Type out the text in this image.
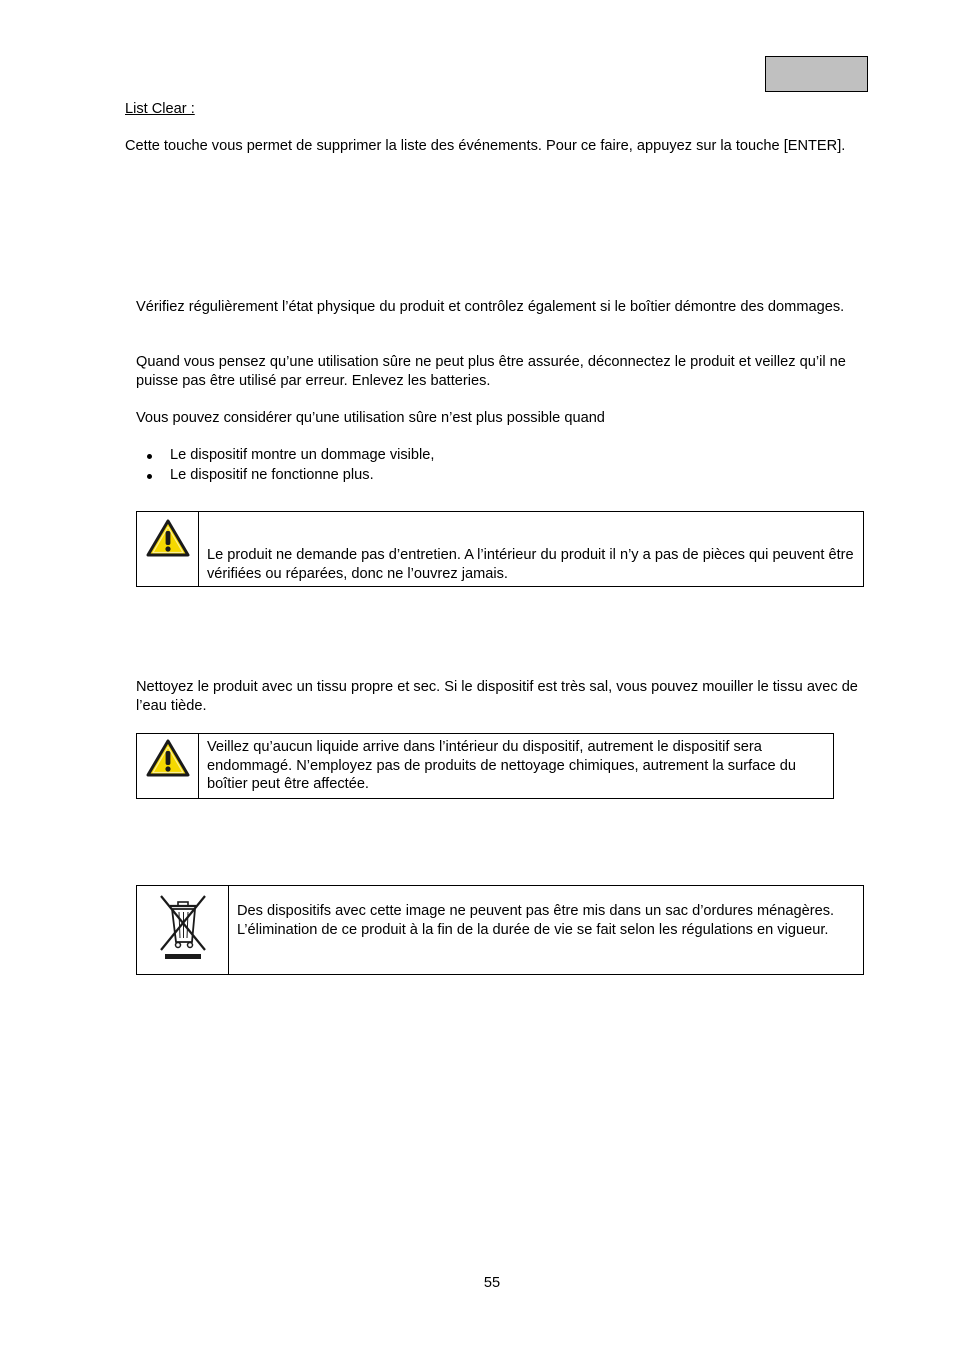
List Clear :
Cette touche vous permet de supprimer la liste des événements. Pour ce faire, appuyez sur la touche [ENTER].
Vérifiez régulièrement l’état physique du produit et contrôlez également si le boîtier démontre des dommages.
Quand vous pensez qu’une utilisation sûre ne peut plus être assurée, déconnectez le produit et veillez qu’il ne puisse pas être utilisé par erreur. Enlevez les batteries.
Vous pouvez considérer qu’une utilisation sûre n’est plus possible quand
Le dispositif montre un dommage visible,
Le dispositif ne fonctionne plus.
Le produit ne demande pas d’entretien. A l’intérieur du produit il n’y a pas de pièces qui peuvent être vérifiées ou réparées, donc ne l’ouvrez jamais.
Nettoyez le produit avec un tissu propre et sec. Si le dispositif est très sal, vous pouvez mouiller le tissu avec de l’eau tiède.
Veillez qu’aucun liquide arrive dans l’intérieur du dispositif, autrement le dispositif sera endommagé. N’employez pas de produits de nettoyage chimiques, autrement la surface du boîtier peut être affectée.
Des dispositifs avec cette image ne peuvent pas être mis dans un sac d’ordures ménagères. L’élimination de ce produit à la fin de la durée de vie se fait selon les régulations en vigueur.
55
